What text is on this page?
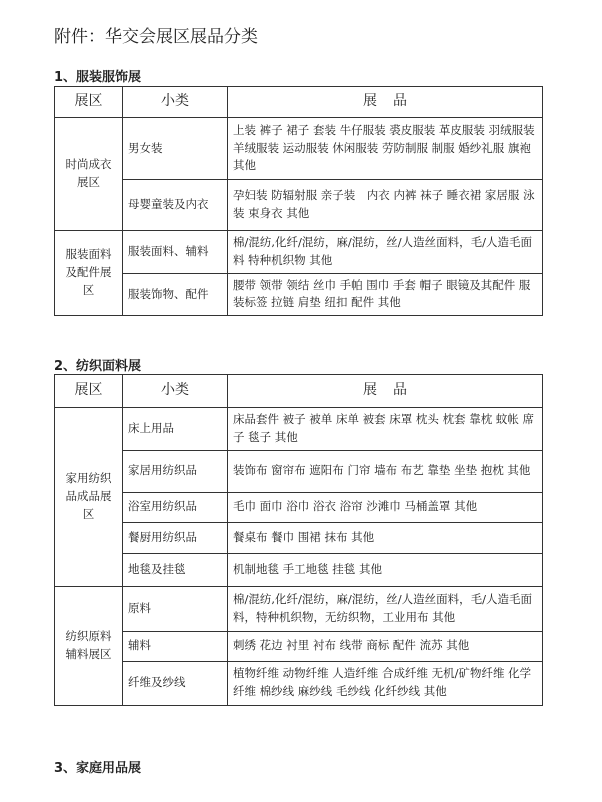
附件：华交会展区展品分类
1、服装服饰展
展区	小类	展品
时尚成衣展区	男女装	上装 裤子 裙子 套装 牛仔服装 裘皮服装 革皮服装 羽绒服装 羊绒服装 运动服装 休闲服装 劳防制服 制服 婚纱礼服 旗袍 其他
	母婴童装及内衣	孕妇装 防辐射服 亲子装　内衣 内裤 袜子 睡衣裙 家居服 泳装 束身衣 其他
服装面料及配件展区	服装面料、辅料	棉/混纺,化纤/混纺，麻/混纺，丝/人造丝面料，毛/人造毛面料 特种机织物 其他
	服装饰物、配件	腰带 领带 领结 丝巾 手帕 围巾 手套 帽子 眼镜及其配件 服装标签 拉链 肩垫 纽扣 配件 其他
2、纺织面料展
展区	小类	展品
家用纺织品成品展区	床上用品	床品套件 被子 被单 床单 被套 床罩 枕头 枕套 靠枕 蚊帐 席子 毯子 其他
	家居用纺织品	装饰布 窗帘布 遮阳布 门帘 墙布 布艺 靠垫 坐垫 抱枕 其他
	浴室用纺织品	毛巾 面巾 浴巾 浴衣 浴帘 沙滩巾 马桶盖罩 其他
	餐厨用纺织品	餐桌布 餐巾 围裙 抹布 其他
	地毯及挂毯	机制地毯 手工地毯 挂毯 其他
纺织原料辅料展区	原料	棉/混纺,化纤/混纺，麻/混纺，丝/人造丝面料，毛/人造毛面料，特种机织物，无纺织物，工业用布 其他
	辅料	刺绣 花边 衬里 衬布 线带 商标 配件 流苏 其他
	纤维及纱线	植物纤维 动物纤维 人造纤维 合成纤维 无机/矿物纤维 化学纤维 棉纱线 麻纱线 毛纱线 化纤纱线 其他
3、家庭用品展
